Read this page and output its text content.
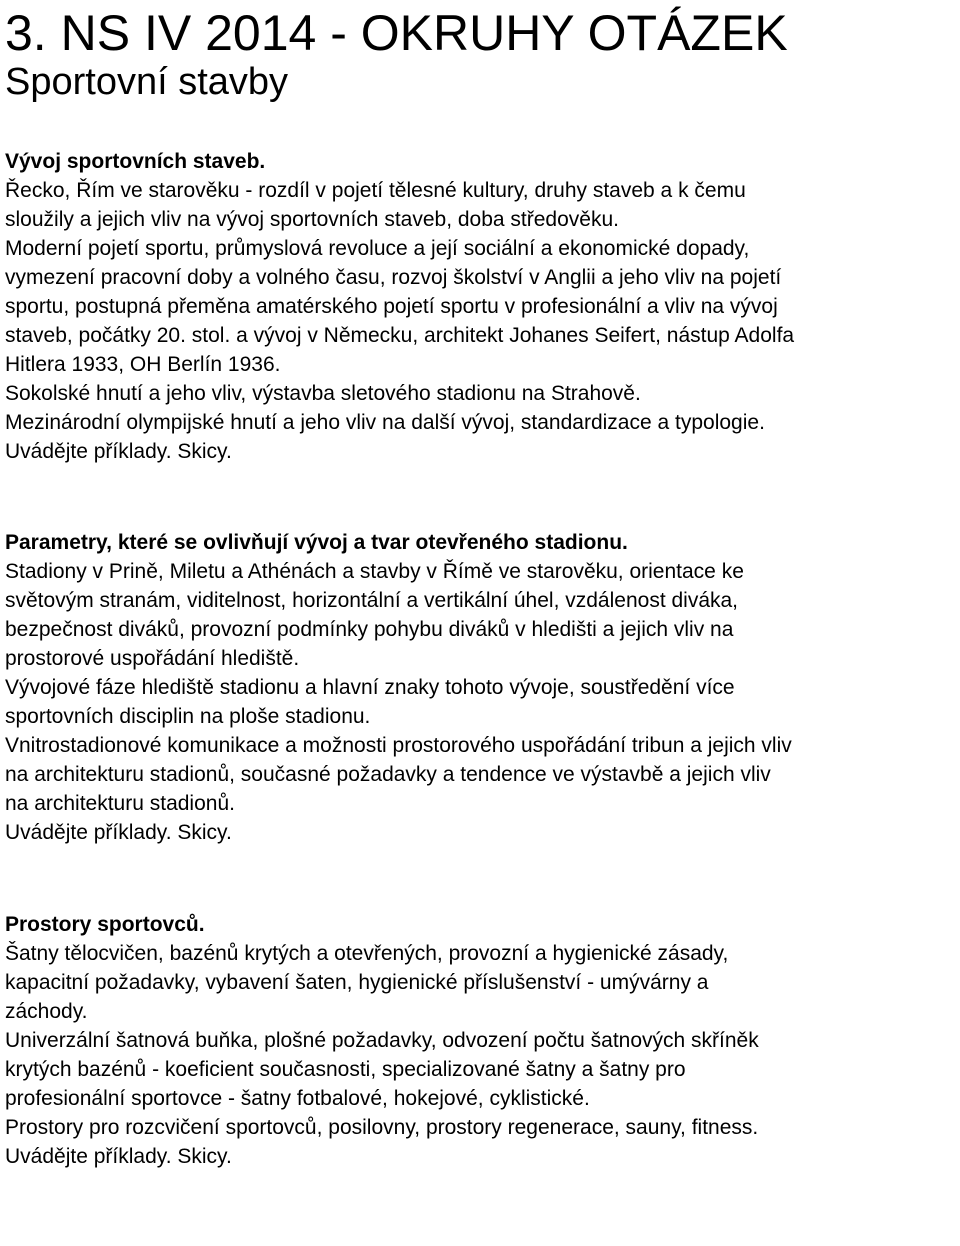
3. NS IV 2014 - OKRUHY OTÁZEK
Sportovní stavby
Vývoj sportovních staveb.
Řecko, Řím ve starověku - rozdíl v pojetí tělesné kultury, druhy staveb a k čemu
sloužily a jejich vliv na vývoj sportovních staveb, doba středověku.
Moderní pojetí sportu, průmyslová revoluce a její sociální a ekonomické dopady,
vymezení pracovní doby a volného času, rozvoj školství v Anglii a jeho vliv na pojetí
sportu, postupná přeměna amatérského pojetí sportu v profesionální a vliv na vývoj
staveb, počátky 20. stol. a vývoj v Německu, architekt Johanes Seifert, nástup Adolfa
Hitlera 1933, OH Berlín 1936.
Sokolské hnutí a jeho vliv, výstavba sletového stadionu na Strahově.
Mezinárodní olympijské hnutí a jeho vliv na další vývoj, standardizace a typologie.
Uvádějte příklady. Skicy.
Parametry, které se ovlivňují vývoj a tvar otevřeného stadionu.
Stadiony v Prině, Miletu a Athénách a stavby v Římě ve starověku, orientace ke
světovým stranám, viditelnost, horizontální a vertikální úhel, vzdálenost diváka,
bezpečnost diváků, provozní podmínky pohybu diváků v hledišti a jejich vliv na
prostorové uspořádání hlediště.
Vývojové fáze hlediště stadionu a hlavní znaky tohoto vývoje, soustředění více
sportovních disciplin na ploše stadionu.
Vnitrostadionové komunikace a možnosti prostorového uspořádání tribun a jejich vliv
na architekturu stadionů, současné požadavky a tendence ve výstavbě a jejich vliv
na architekturu stadionů.
Uvádějte příklady. Skicy.
Prostory sportovců.
Šatny tělocvičen, bazénů krytých a otevřených, provozní a hygienické zásady,
kapacitní požadavky, vybavení šaten, hygienické příslušenství - umývárny a
záchody.
Univerzální šatnová buňka, plošné požadavky, odvození počtu šatnových skříněk
krytých bazénů - koeficient současnosti, specializované šatny a šatny pro
profesionální sportovce - šatny fotbalové, hokejové, cyklistické.
Prostory pro rozcvičení sportovců, posilovny, prostory regenerace, sauny, fitness.
Uvádějte příklady. Skicy.
